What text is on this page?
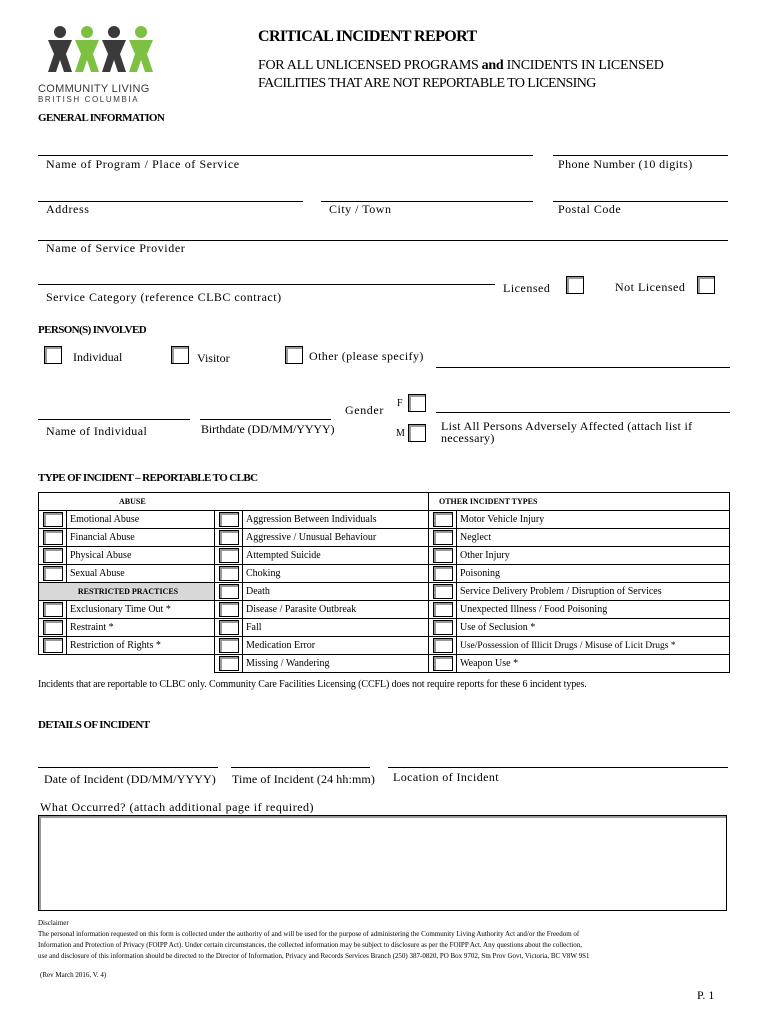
COMMUNITY LIVING
BRITISH COLUMBIA
CRITICAL INCIDENT REPORT
FOR ALL UNLICENSED PROGRAMS and INCIDENTS IN LICENSED
FACILITIES THAT ARE NOT REPORTABLE TO LICENSING
GENERAL INFORMATION
Name of Program / Place of Service	Phone Number (10 digits)
Address	City / Town	Postal Code
Name of Service Provider
Service Category (reference CLBC contract)
Licensed	Not Licensed
PERSON(S) INVOLVED
Individual	Visitor	Other (please specify)
Gender F
M
Name of Individual	Birthdate (DD/MM/YYYY)	List All Persons Adversely Affected (attach list if
necessary)
TYPE OF INCIDENT – REPORTABLE TO CLBC
ABUSE				OTHER INCIDENT TYPES	

	Emotional Abuse		Aggression Between Individuals		Motor Vehicle Injury

	Financial Abuse		Aggressive / Unusual Behaviour		Neglect

	Physical Abuse		Attempted Suicide		Other Injury

	Sexual Abuse		Choking		Poisoning
RESTRICTED PRACTICES			Death		Service Delivery Problem / Disruption of Services

	Exclusionary Time Out *		Disease / Parasite Outbreak		Unexpected Illness / Food Poisoning

	Restraint *		Fall		Use of Seclusion *

	Restriction of Rights *		Medication Error		Use/Possession of Illicit Drugs / Misuse of Licit Drugs *

		Missing / Wandering		Weapon Use *
Incidents that are reportable to CLBC only. Community Care Facilities Licensing (CCFL) does not require reports for these 6 incident types.
DETAILS OF INCIDENT
Date of Incident (DD/MM/YYYY) Time of Incident (24 hh:mm) Location of Incident
What Occurred? (attach additional page if required)
Disclaimer
The personal information requested on this form is collected under the authority of and will be used for the purpose of administering the Community Living Authority Act and/or the Freedom of
Information and Protection of Privacy (FOIPP Act). Under certain circumstances, the collected information may be subject to disclosure as per the FOIPP Act. Any questions about the collection,
use and disclosure of this information should be directed to the Director of Information, Privacy and Records Services Branch (250) 387-0820, PO Box 9702, Stn Prov Govt, Victoria, BC V8W 9S1
(Rev March 2016, V. 4)
P. 1
